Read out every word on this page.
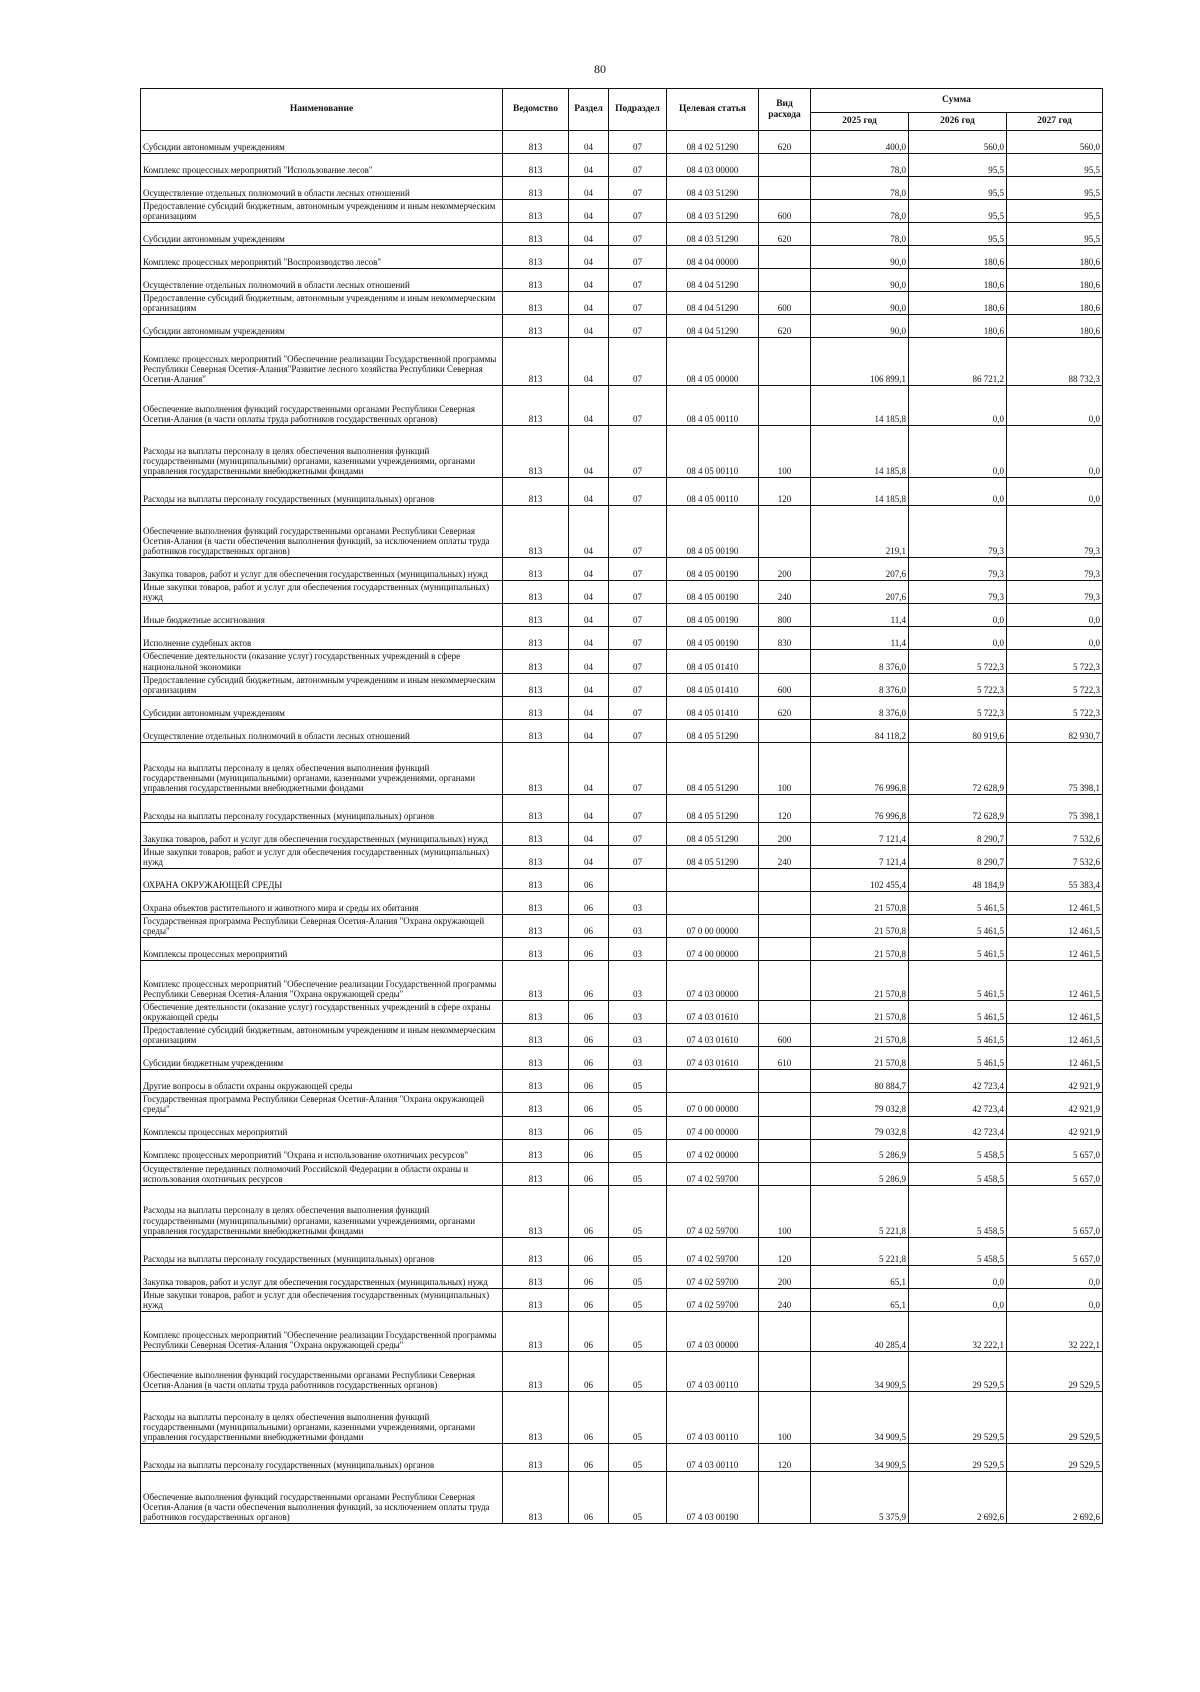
80
Наименование	Ведомство	Раздел	Подраздел	Целевая статья	Вид расхода	Сумма		
						2025 год	2026 год	2027 год
Субсидии автономным учреждениям	813	04	07	08 4 02 51290	620	400,0	560,0	560,0
Комплекс процессных мероприятий "Использование лесов"	813	04	07	08 4 03 00000		78,0	95,5	95,5
Осуществление отдельных полномочий в области лесных отношений	813	04	07	08 4 03 51290		78,0	95,5	95,5
Предоставление субсидий бюджетным, автономным учреждениям и иным некоммерческим организациям	813	04	07	08 4 03 51290	600	78,0	95,5	95,5
Субсидии автономным учреждениям	813	04	07	08 4 03 51290	620	78,0	95,5	95,5
Комплекс процессных мероприятий "Воспроизводство лесов"	813	04	07	08 4 04 00000		90,0	180,6	180,6
Осуществление отдельных полномочий в области лесных отношений	813	04	07	08 4 04 51290		90,0	180,6	180,6
Предоставление субсидий бюджетным, автономным учреждениям и иным некоммерческим организациям	813	04	07	08 4 04 51290	600	90,0	180,6	180,6
Субсидии автономным учреждениям	813	04	07	08 4 04 51290	620	90,0	180,6	180,6
Комплекс процессных мероприятий "Обеспечение реализации Государственной программы Республики Северная Осетия-Алания"Развитие лесного хозяйства Республики Северная Осетия-Алания"	813	04	07	08 4 05 00000		106 899,1	86 721,2	88 732,3
Обеспечение выполнения функций государственными органами Республики Северная Осетия-Алания (в части оплаты труда работников государственных органов)	813	04	07	08 4 05 00110		14 185,8	0,0	0,0
Расходы на выплаты персоналу в целях обеспечения выполнения функций государственными (муниципальными) органами, казенными учреждениями, органами управления государственными внебюджетными фондами	813	04	07	08 4 05 00110	100	14 185,8	0,0	0,0
Расходы на выплаты персоналу государственных (муниципальных) органов	813	04	07	08 4 05 00110	120	14 185,8	0,0	0,0
Обеспечение выполнения функций государственными органами Республики Северная Осетия-Алания (в части обеспечения выполнения функций, за исключением оплаты труда работников государственных органов)	813	04	07	08 4 05 00190		219,1	79,3	79,3
Закупка товаров, работ и услуг для обеспечения государственных (муниципальных) нужд	813	04	07	08 4 05 00190	200	207,6	79,3	79,3
Иные закупки товаров, работ и услуг для обеспечения государственных (муниципальных) нужд	813	04	07	08 4 05 00190	240	207,6	79,3	79,3
Иные бюджетные ассигнования	813	04	07	08 4 05 00190	800	11,4	0,0	0,0
Исполнение судебных актов	813	04	07	08 4 05 00190	830	11,4	0,0	0,0
Обеспечение деятельности (оказание услуг) государственных учреждений в сфере национальной экономики	813	04	07	08 4 05 01410		8 376,0	5 722,3	5 722,3
Предоставление субсидий бюджетным, автономным учреждениям и иным некоммерческим организациям	813	04	07	08 4 05 01410	600	8 376,0	5 722,3	5 722,3
Субсидии автономным учреждениям	813	04	07	08 4 05 01410	620	8 376,0	5 722,3	5 722,3
Осуществление отдельных полномочий в области лесных отношений	813	04	07	08 4 05 51290		84 118,2	80 919,6	82 930,7
Расходы на выплаты персоналу в целях обеспечения выполнения функций государственными (муниципальными) органами, казенными учреждениями, органами управления государственными внебюджетными фондами	813	04	07	08 4 05 51290	100	76 996,8	72 628,9	75 398,1
Расходы на выплаты персоналу государственных (муниципальных) органов	813	04	07	08 4 05 51290	120	76 996,8	72 628,9	75 398,1
Закупка товаров, работ и услуг для обеспечения государственных (муниципальных) нужд	813	04	07	08 4 05 51290	200	7 121,4	8 290,7	7 532,6
Иные закупки товаров, работ и услуг для обеспечения государственных (муниципальных) нужд	813	04	07	08 4 05 51290	240	7 121,4	8 290,7	7 532,6
ОХРАНА ОКРУЖАЮЩЕЙ СРЕДЫ	813	06				102 455,4	48 184,9	55 383,4
Охрана объектов растительного и животного мира и среды их обитания	813	06	03			21 570,8	5 461,5	12 461,5
Государственная программа Республики Северная Осетия-Алания "Охрана окружающей среды"	813	06	03	07 0 00 00000		21 570,8	5 461,5	12 461,5
Комплексы процессных мероприятий	813	06	03	07 4 00 00000		21 570,8	5 461,5	12 461,5
Комплекс процессных мероприятий "Обеспечение реализации Государственной программы Республики Северная Осетия-Алания "Охрана окружающей среды"	813	06	03	07 4 03 00000		21 570,8	5 461,5	12 461,5
Обеспечение деятельности (оказание услуг) государственных учреждений в сфере охраны окружающей среды	813	06	03	07 4 03 01610		21 570,8	5 461,5	12 461,5
Предоставление субсидий бюджетным, автономным учреждениям и иным некоммерческим организациям	813	06	03	07 4 03 01610	600	21 570,8	5 461,5	12 461,5
Субсидии бюджетным учреждениям	813	06	03	07 4 03 01610	610	21 570,8	5 461,5	12 461,5
Другие вопросы в области охраны окружающей среды	813	06	05			80 884,7	42 723,4	42 921,9
Государственная программа Республики Северная Осетия-Алания "Охрана окружающей среды"	813	06	05	07 0 00 00000		79 032,8	42 723,4	42 921,9
Комплексы процессных мероприятий	813	06	05	07 4 00 00000		79 032,8	42 723,4	42 921,9
Комплекс процессных мероприятий "Охрана и использование охотничьих ресурсов"	813	06	05	07 4 02 00000		5 286,9	5 458,5	5 657,0
Осуществление переданных полномочий Российской Федерации в области охраны и использования охотничьих ресурсов	813	06	05	07 4 02 59700		5 286,9	5 458,5	5 657,0
Расходы на выплаты персоналу в целях обеспечения выполнения функций государственными (муниципальными) органами, казенными учреждениями, органами управления государственными внебюджетными фондами	813	06	05	07 4 02 59700	100	5 221,8	5 458,5	5 657,0
Расходы на выплаты персоналу государственных (муниципальных) органов	813	06	05	07 4 02 59700	120	5 221,8	5 458,5	5 657,0
Закупка товаров, работ и услуг для обеспечения государственных (муниципальных) нужд	813	06	05	07 4 02 59700	200	65,1	0,0	0,0
Иные закупки товаров, работ и услуг для обеспечения государственных (муниципальных) нужд	813	06	05	07 4 02 59700	240	65,1	0,0	0,0
Комплекс процессных мероприятий "Обеспечение реализации Государственной программы Республики Северная Осетия-Алания "Охрана окружающей среды"	813	06	05	07 4 03 00000		40 285,4	32 222,1	32 222,1
Обеспечение выполнения функций государственными органами Республики Северная Осетия-Алания (в части оплаты труда работников государственных органов)	813	06	05	07 4 03 00110		34 909,5	29 529,5	29 529,5
Расходы на выплаты персоналу в целях обеспечения выполнения функций государственными (муниципальными) органами, казенными учреждениями, органами управления государственными внебюджетными фондами	813	06	05	07 4 03 00110	100	34 909,5	29 529,5	29 529,5
Расходы на выплаты персоналу государственных (муниципальных) органов	813	06	05	07 4 03 00110	120	34 909,5	29 529,5	29 529,5
Обеспечение выполнения функций государственными органами Республики Северная Осетия-Алания (в части обеспечения выполнения функций, за исключением оплаты труда работников государственных органов)	813	06	05	07 4 03 00190		5 375,9	2 692,6	2 692,6
